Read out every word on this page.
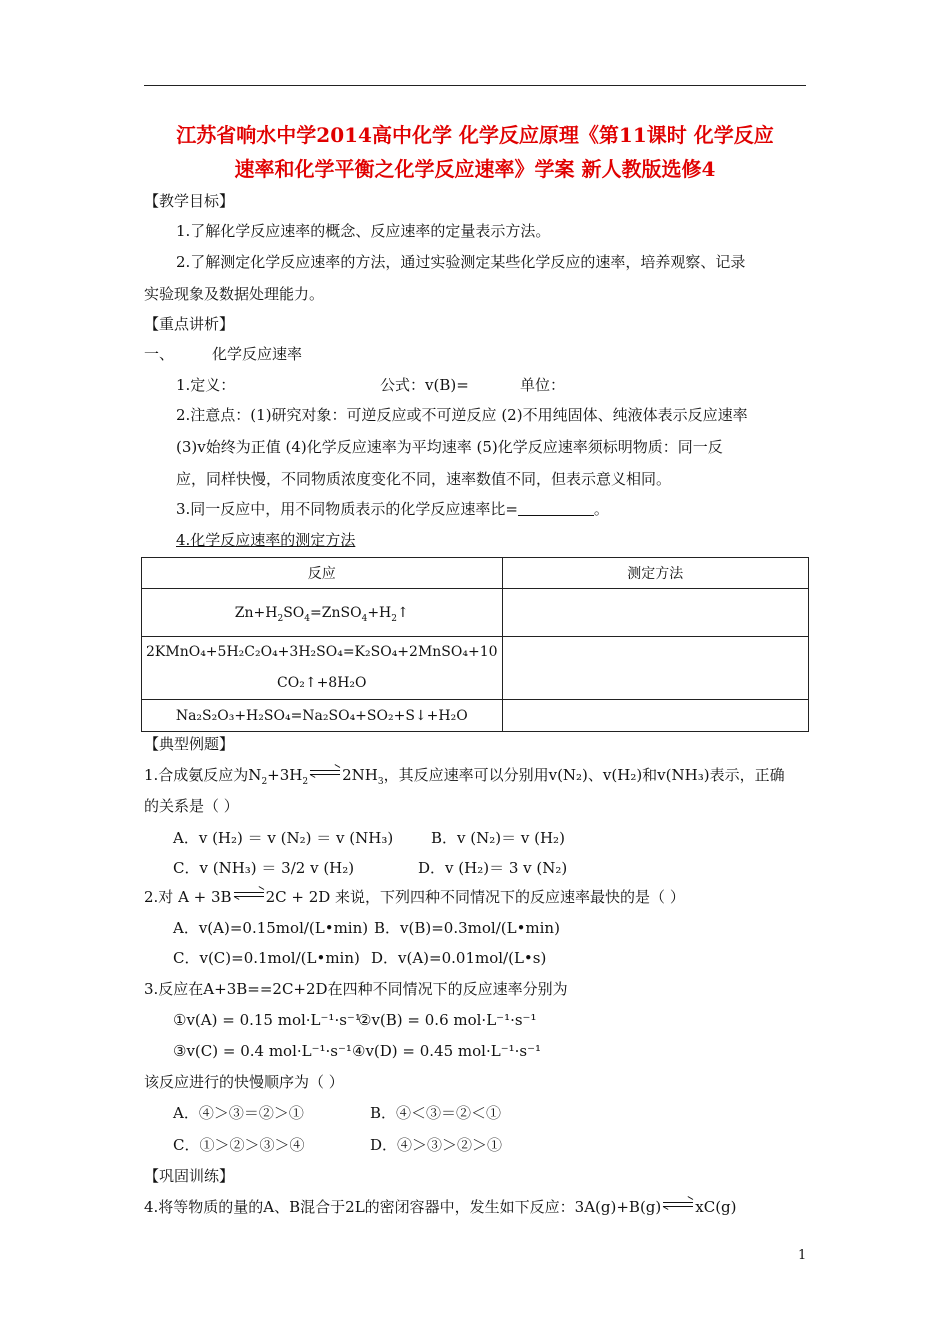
江苏省响水中学2014高中化学 化学反应原理《第11课时 化学反应
速率和化学平衡之化学反应速率》学案 新人教版选修4
【教学目标】
1.了解化学反应速率的概念、反应速率的定量表示方法。
2.了解测定化学反应速率的方法，通过实验测定某些化学反应的速率，培养观察、记录
实验现象及数据处理能力。
【重点讲析】
一、	化学反应速率
1.定义：	公式：v(B)=	单位：
2.注意点：(1)研究对象：可逆反应或不可逆反应 (2)不用纯固体、纯液体表示反应速率
(3)v始终为正值 (4)化学反应速率为平均速率 (5)化学反应速率须标明物质：同一反
应，同样快慢，不同物质浓度变化不同，速率数值不同，但表示意义相同。
3.同一反应中，用不同物质表示的化学反应速率比=	。
4.化学反应速率的测定方法
反应	测定方法
$Zn+H_2SO_4=ZnSO_4+H_2↑$	

2KMnO₄+5H₂C₂O₄+3H₂SO₄=K₂SO₄+2MnSO₄+10
CO₂↑+8H₂O	

Na₂S₂O₃+H₂SO₄=Na₂SO₄+SO₂+S↓+H₂O	
【典型例题】
1.合成氨反应为$N_2+3H_2$ $2NH_3$，其反应速率可以分别用v(N₂)、v(H₂)和v(NH₃)表示，正确
的关系是（ ）
A．v (H₂) ＝ v (N₂) ＝ v (NH₃)	B．v (N₂)＝ v (H₂)
C．v (NH₃) ＝ 3/2 v (H₂)	D．v (H₂)＝ 3 v (N₂)
2.对 A + 3B 2C + 2D 来说，下列四种不同情况下的反应速率最快的是（ ）
A．v(A)=0.15mol/(L•min) B．v(B)=0.3mol/(L•min)
C．v(C)=0.1mol/(L•min) D．v(A)=0.01mol/(L•s)
3.反应在A+3B==2C+2D在四种不同情况下的反应速率分别为
①v(A) = 0.15 mol·L⁻¹·s⁻¹
②v(B) = 0.6 mol·L⁻¹·s⁻¹
③v(C) = 0.4 mol·L⁻¹·s⁻¹ ④v(D) = 0.45 mol·L⁻¹·s⁻¹
该反应进行的快慢顺序为（ ）
A．④＞③＝②＞①	B．④＜③＝②＜①
C．①＞②＞③＞④	D．④＞③＞②＞①
【巩固训练】
4.将等物质的量的A、B混合于2L的密闭容器中，发生如下反应：3A(g)+B(g) xC(g)
1
